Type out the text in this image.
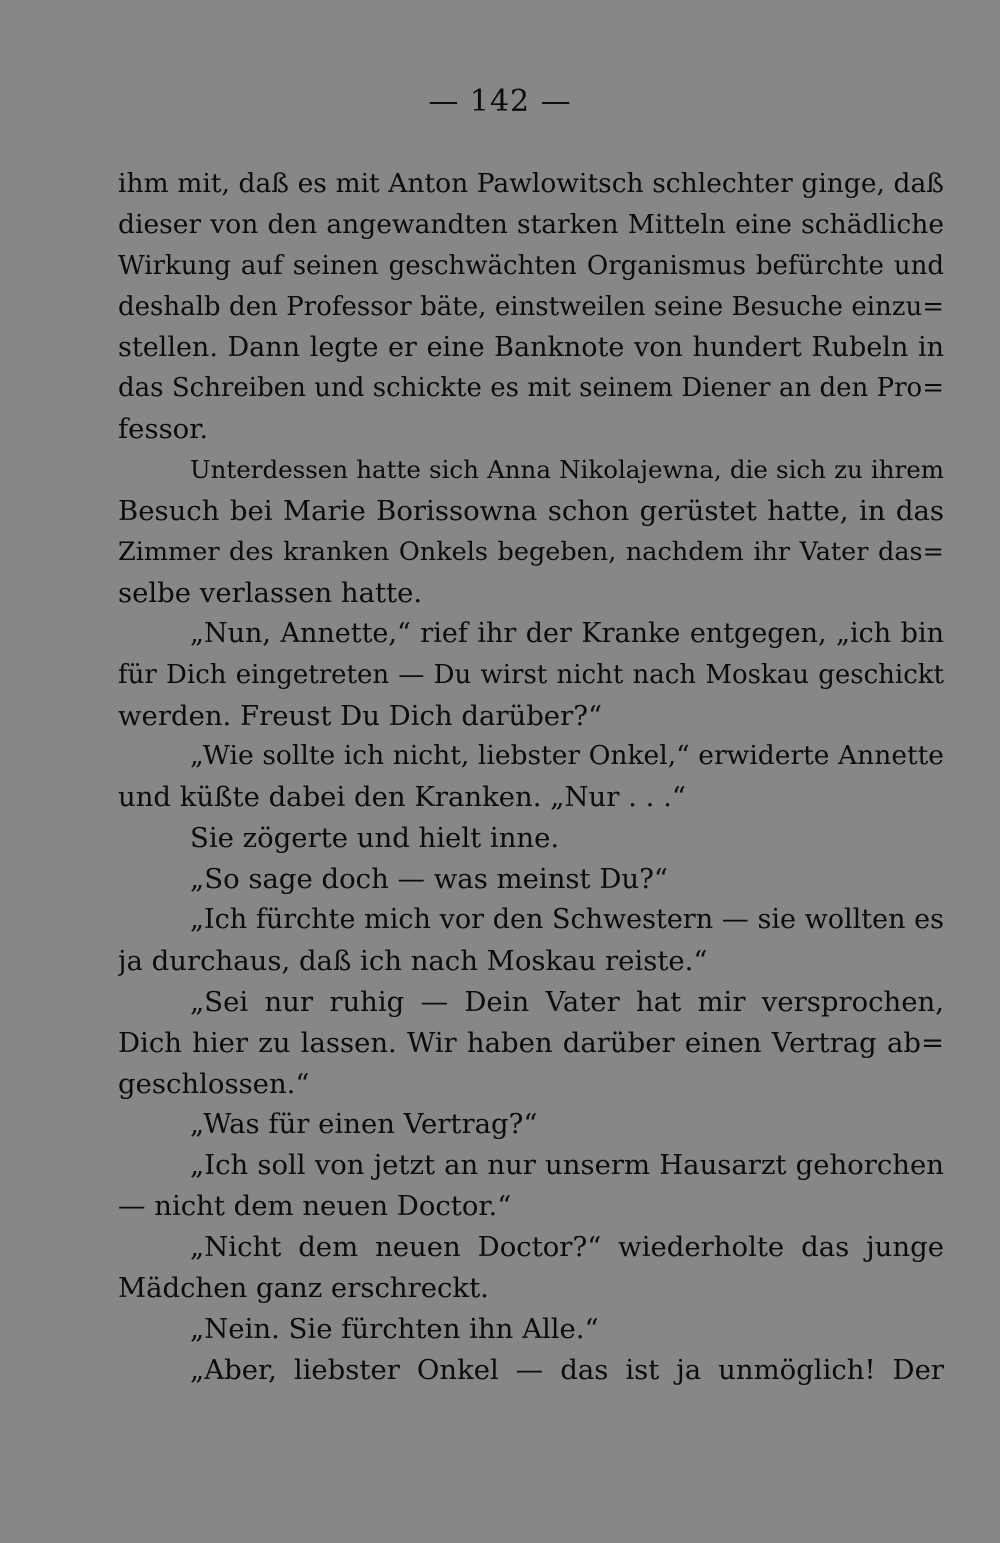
— 142 —
ihm mit, daß es mit Anton Pawlowitsch schlechter ginge, daß
dieser von den angewandten starken Mitteln eine schädliche
Wirkung auf seinen geschwächten Organismus befürchte und
deshalb den Professor bäte, einstweilen seine Besuche einzu=
stellen. Dann legte er eine Banknote von hundert Rubeln in
das Schreiben und schickte es mit seinem Diener an den Pro=
fessor.
Unterdessen hatte sich Anna Nikolajewna, die sich zu ihrem
Besuch bei Marie Borissowna schon gerüstet hatte, in das
Zimmer des kranken Onkels begeben, nachdem ihr Vater das=
selbe verlassen hatte.
„Nun, Annette,“ rief ihr der Kranke entgegen, „ich bin
für Dich eingetreten — Du wirst nicht nach Moskau geschickt
werden. Freust Du Dich darüber?“
„Wie sollte ich nicht, liebster Onkel,“ erwiderte Annette
und küßte dabei den Kranken. „Nur . . .“
Sie zögerte und hielt inne.
„So sage doch — was meinst Du?“
„Ich fürchte mich vor den Schwestern — sie wollten es
ja durchaus, daß ich nach Moskau reiste.“
„Sei nur ruhig — Dein Vater hat mir versprochen,
Dich hier zu lassen. Wir haben darüber einen Vertrag ab=
geschlossen.“
„Was für einen Vertrag?“
„Ich soll von jetzt an nur unserm Hausarzt gehorchen
— nicht dem neuen Doctor.“
„Nicht dem neuen Doctor?“ wiederholte das junge
Mädchen ganz erschreckt.
„Nein. Sie fürchten ihn Alle.“
„Aber, liebster Onkel — das ist ja unmöglich! Der
